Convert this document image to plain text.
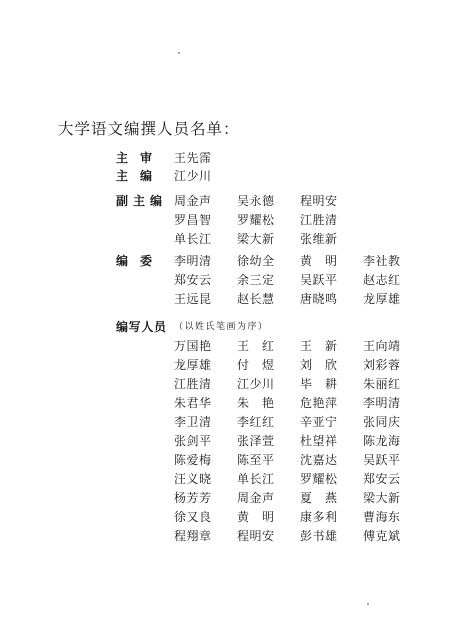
大学语文编撰人员名单：
主 审 王先霈
主 编 江少川
副 主 编 周金声	吴永德	程明安
罗昌智	罗耀松	江胜清
单长江	梁大新	张维新
编 委 李明清	徐幼全	黄　明	李社教
郑安云	余三定	吴跃平	赵志红
王远昆	赵长慧	唐晓鸣	龙厚雄
编 写 人 员 （以姓氏笔画为序）
万国艳	王　红	王　新	王向靖
龙厚雄	付　煜	刘　欣	刘彩蓉
江胜清	江少川	毕　耕	朱丽红
朱君华	朱　艳	危艳萍	李明清
李卫清	李红红	辛亚宁	张同庆
张剑平	张泽萱	杜望祥	陈龙海
陈爱梅	陈至平	沈嘉达	吴跃平
汪义晓	单长江	罗耀松	郑安云
杨芳芳	周金声	夏　燕	梁大新
徐又良	黄　明	康多利	曹海东
程翔章	程明安	彭书雄	傅克斌
